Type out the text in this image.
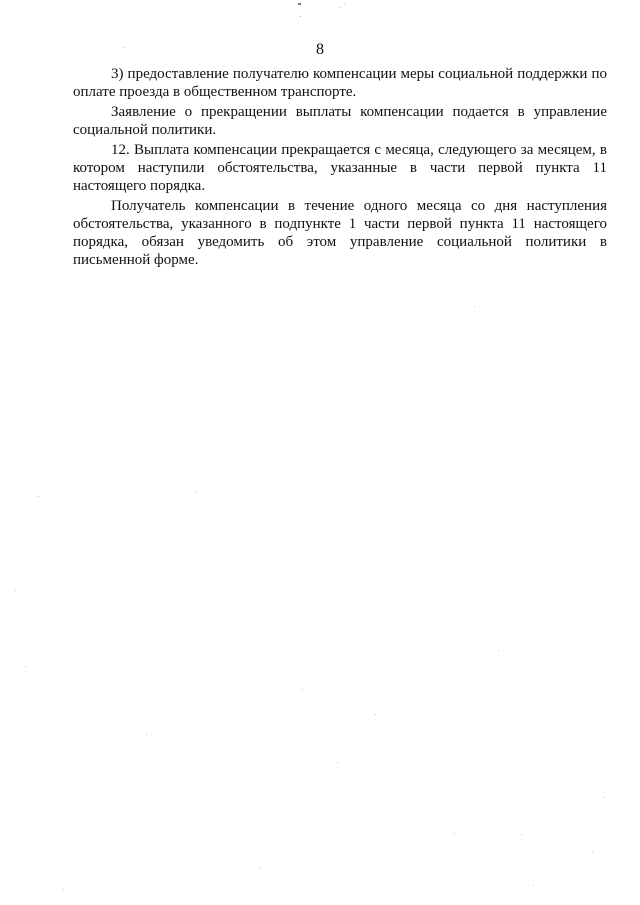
8

3) предоставление получателю компенсации меры социальной поддержки по оплате проезда в общественном транспорте.

Заявление о прекращении выплаты компенсации подается в управление социальной политики.

12. Выплата компенсации прекращается с месяца, следующего за месяцем, в котором наступили обстоятельства, указанные в части первой пункта 11 настоящего порядка.

Получатель компенсации в течение одного месяца со дня наступления обстоятельства, указанного в подпункте 1 части первой пункта 11 настоящего порядка, обязан уведомить об этом управление социальной политики в письменной форме.
